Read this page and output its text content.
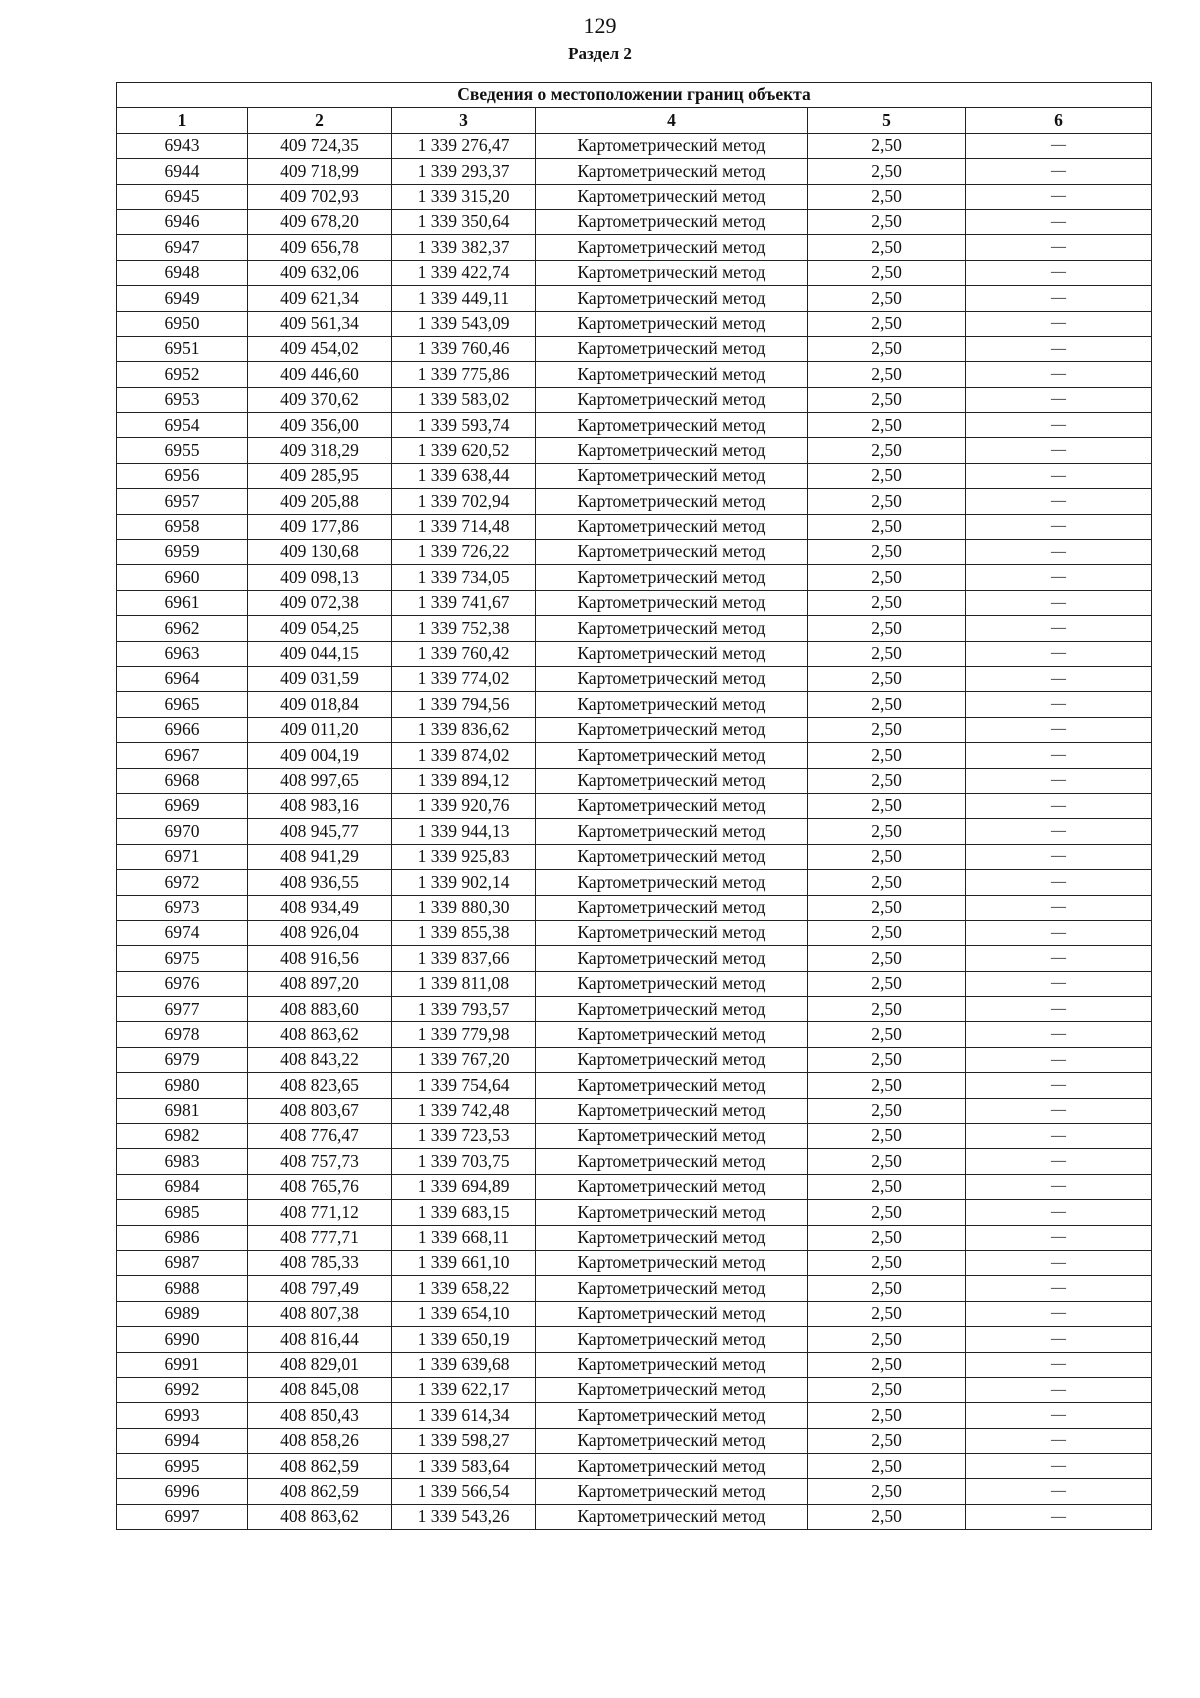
129
Раздел 2
Сведения о местоположении границ объекта					
1	2	3	4	5	6
6943	409 724,35	1 339 276,47	Картометрический метод	2,50	—
6944	409 718,99	1 339 293,37	Картометрический метод	2,50	—
6945	409 702,93	1 339 315,20	Картометрический метод	2,50	—
6946	409 678,20	1 339 350,64	Картометрический метод	2,50	—
6947	409 656,78	1 339 382,37	Картометрический метод	2,50	—
6948	409 632,06	1 339 422,74	Картометрический метод	2,50	—
6949	409 621,34	1 339 449,11	Картометрический метод	2,50	—
6950	409 561,34	1 339 543,09	Картометрический метод	2,50	—
6951	409 454,02	1 339 760,46	Картометрический метод	2,50	—
6952	409 446,60	1 339 775,86	Картометрический метод	2,50	—
6953	409 370,62	1 339 583,02	Картометрический метод	2,50	—
6954	409 356,00	1 339 593,74	Картометрический метод	2,50	—
6955	409 318,29	1 339 620,52	Картометрический метод	2,50	—
6956	409 285,95	1 339 638,44	Картометрический метод	2,50	—
6957	409 205,88	1 339 702,94	Картометрический метод	2,50	—
6958	409 177,86	1 339 714,48	Картометрический метод	2,50	—
6959	409 130,68	1 339 726,22	Картометрический метод	2,50	—
6960	409 098,13	1 339 734,05	Картометрический метод	2,50	—
6961	409 072,38	1 339 741,67	Картометрический метод	2,50	—
6962	409 054,25	1 339 752,38	Картометрический метод	2,50	—
6963	409 044,15	1 339 760,42	Картометрический метод	2,50	—
6964	409 031,59	1 339 774,02	Картометрический метод	2,50	—
6965	409 018,84	1 339 794,56	Картометрический метод	2,50	—
6966	409 011,20	1 339 836,62	Картометрический метод	2,50	—
6967	409 004,19	1 339 874,02	Картометрический метод	2,50	—
6968	408 997,65	1 339 894,12	Картометрический метод	2,50	—
6969	408 983,16	1 339 920,76	Картометрический метод	2,50	—
6970	408 945,77	1 339 944,13	Картометрический метод	2,50	—
6971	408 941,29	1 339 925,83	Картометрический метод	2,50	—
6972	408 936,55	1 339 902,14	Картометрический метод	2,50	—
6973	408 934,49	1 339 880,30	Картометрический метод	2,50	—
6974	408 926,04	1 339 855,38	Картометрический метод	2,50	—
6975	408 916,56	1 339 837,66	Картометрический метод	2,50	—
6976	408 897,20	1 339 811,08	Картометрический метод	2,50	—
6977	408 883,60	1 339 793,57	Картометрический метод	2,50	—
6978	408 863,62	1 339 779,98	Картометрический метод	2,50	—
6979	408 843,22	1 339 767,20	Картометрический метод	2,50	—
6980	408 823,65	1 339 754,64	Картометрический метод	2,50	—
6981	408 803,67	1 339 742,48	Картометрический метод	2,50	—
6982	408 776,47	1 339 723,53	Картометрический метод	2,50	—
6983	408 757,73	1 339 703,75	Картометрический метод	2,50	—
6984	408 765,76	1 339 694,89	Картометрический метод	2,50	—
6985	408 771,12	1 339 683,15	Картометрический метод	2,50	—
6986	408 777,71	1 339 668,11	Картометрический метод	2,50	—
6987	408 785,33	1 339 661,10	Картометрический метод	2,50	—
6988	408 797,49	1 339 658,22	Картометрический метод	2,50	—
6989	408 807,38	1 339 654,10	Картометрический метод	2,50	—
6990	408 816,44	1 339 650,19	Картометрический метод	2,50	—
6991	408 829,01	1 339 639,68	Картометрический метод	2,50	—
6992	408 845,08	1 339 622,17	Картометрический метод	2,50	—
6993	408 850,43	1 339 614,34	Картометрический метод	2,50	—
6994	408 858,26	1 339 598,27	Картометрический метод	2,50	—
6995	408 862,59	1 339 583,64	Картометрический метод	2,50	—
6996	408 862,59	1 339 566,54	Картометрический метод	2,50	—
6997	408 863,62	1 339 543,26	Картометрический метод	2,50	—
